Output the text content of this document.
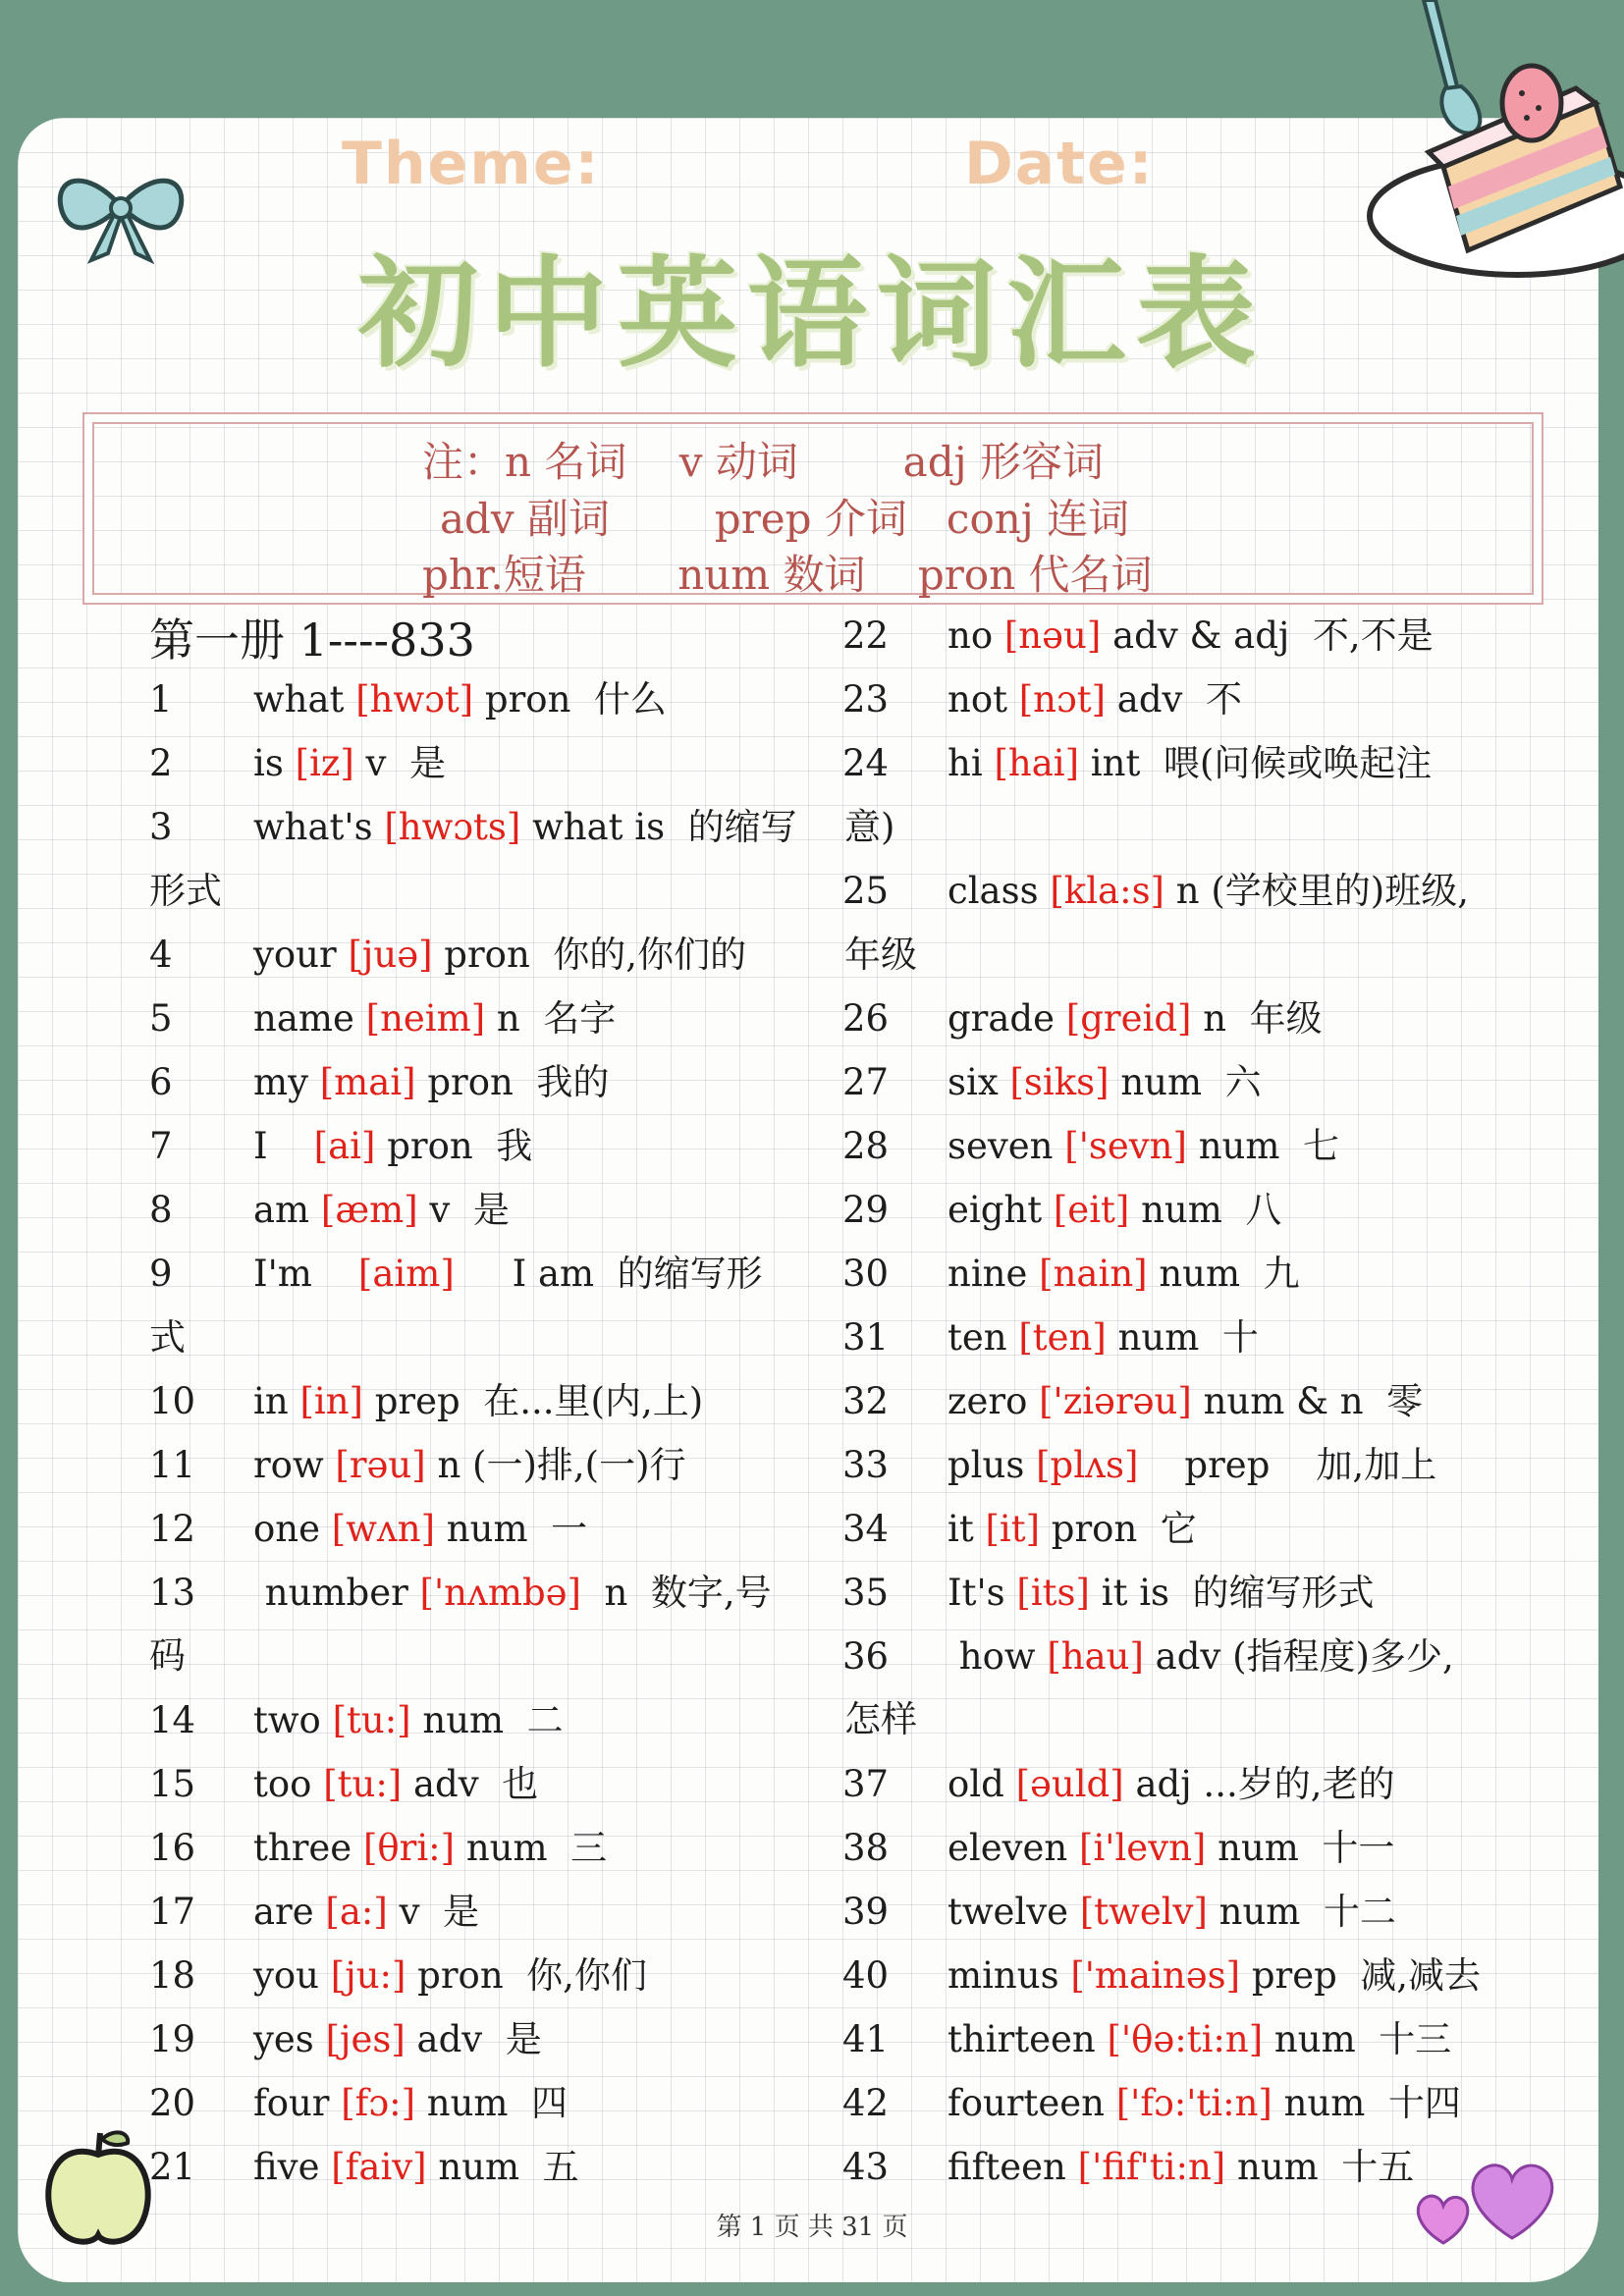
Theme:	Date:
初中英语词汇表
注：n 名词    v 动词        adj 形容词
adv 副词        prep 介词   conj 连词
phr.短语       num 数词    pron 代名词
第一册 1----833
1 what [hwɔt] pron  什么
2 is [iz] v  是
3 what's [hwɔts] what is  的缩写
4 your [juə] pron  你的,你们的
5 name [neim] n  名字
6 my [mai] pron  我的
7 I    [ai] pron  我
8 am [æm] v  是
9 I'm    [aim]     I am  的缩写形
10 in [in] prep  在...里(内,上)
11 row [rəu] n (一)排,(一)行
12 one [wʌn] num  一
13 number ['nʌmbə]  n  数字,号
14 two [tu:] num  二
15 too [tu:] adv  也
16 three [θri:] num  三
17 are [a:] v  是
18 you [ju:] pron  你,你们
19 yes [jes] adv  是
20 four [fɔ:] num  四
21 five [faiv] num  五
22 no [nəu] adv & adj  不,不是
23 not [nɔt] adv  不
24 hi [hai] int  喂(问候或唤起注
25 class [kla:s] n (学校里的)班级,
26 grade [greid] n  年级
27 six [siks] num  六
28 seven ['sevn] num  七
29 eight [eit] num  八
30 nine [nain] num  九
31 ten [ten] num  十
32 zero ['ziərəu] num & n  零
33 plus [plʌs]    prep    加,加上
34 it [it] pron  它
35 It's [its] it is  的缩写形式
36 how [hau] adv (指程度)多少,
37 old [əuld] adj ...岁的,老的
38 eleven [i'levn] num  十一
39 twelve [twelv] num  十二
40 minus ['mainəs] prep  减,减去
41 thirteen ['θə:ti:n] num  十三
42 fourteen ['fɔ:'ti:n] num  十四
43 fifteen ['fif'ti:n] num  十五
形式
式
码
意)
年级
怎样
第 1 页 共 31 页
